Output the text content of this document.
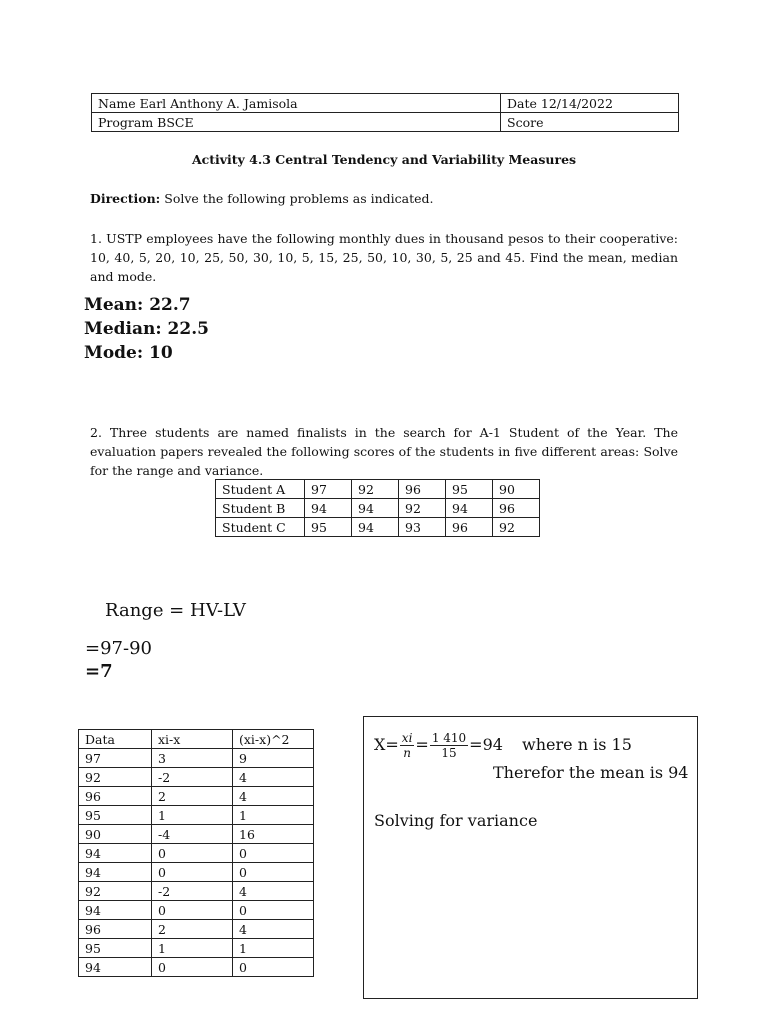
Name Earl Anthony A. Jamisola	Date 12/14/2022
Program BSCE	Score
Activity 4.3 Central Tendency and Variability Measures
Direction: Solve the following problems as indicated.
1. USTP employees have the following monthly dues in thousand pesos to their cooperative: 10, 40, 5, 20, 10, 25, 50, 30, 10, 5, 15, 25, 50, 10, 30, 5, 25 and 45. Find the mean, median and mode.
Mean: 22.7
Median: 22.5
Mode: 10
2. Three students are named finalists in the search for A-1 Student of the Year. The evaluation papers revealed the following scores of the students in five different areas: Solve for the range and variance.
Student A	97	92	96	95	90
Student B	94	94	92	94	96
Student C	95	94	93	96	92
Range = HV-LV
=97-90
=7
Data	xi-x	(xi-x)^2
97	3	9
92	-2	4
96	2	4
95	1	1
90	-4	16
94	0	0
94	0	0
92	-2	4
94	0	0
96	2	4
95	1	1
94	0	0
$X= \frac{xi}{n} = \frac{1 410}{15} =94$ where n is 15
Therefor the mean is 94
Solving for variance
